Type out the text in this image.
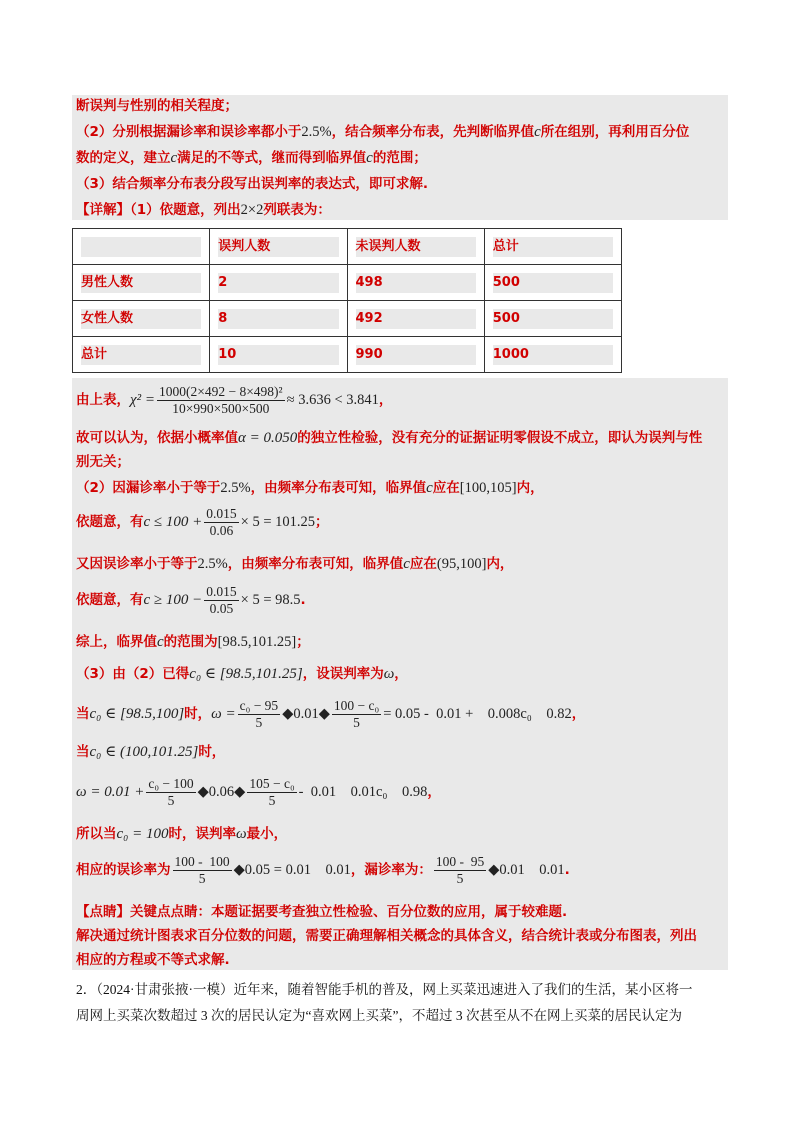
断误判与性别的相关程度；
（2）分别根据漏诊率和误诊率都小于2.5%，结合频率分布表，先判断临界值c所在组别，再利用百分位
数的定义，建立c满足的不等式，继而得到临界值c的范围；
（3）结合频率分布表分段写出误判率的表达式，即可求解.
【详解】（1）依题意，列出2×2列联表为：

	误判人数	未误判人数	总计

男性人数	2	498	500

女性人数	8	492	500

总计	10	990	1000
由上表，$\chi^2 = \frac{\text{1000(2×492 − 8×498)²}}{10\times 990\times 500\times 500} \approx 3.636 < 3.841$，
故可以认为，依据小概率值α = 0.050的独立性检验，没有充分的证据证明零假设不成立，即认为误判与性
别无关；
（2）因漏诊率小于等于2.5%，由频率分布表可知，临界值c应在[100,105]内，
依题意，有$c \le 100 + \frac{0.015}{0.06} \times 5 = 101.25$；
又因误诊率小于等于2.5%，由频率分布表可知，临界值c应在(95,100]内，
依题意，有$c \ge 100 - \frac{0.015}{0.05} \times 5 = 98.5$.
综上，临界值c的范围为[98.5,101.25]；
（3）由（2）已得c₀ ∈ [98.5,101.25]，设误判率为ω，
当c₀ ∈ [98.5,100]时，$\omega = \frac{\text{c₀ − 95}}{5}$ ◆0.01◆ $\frac{\text{100 − c₀}}{5} = 0.05 - 0.01$ +    0.008c₀    0.82，
当c₀ ∈ (100,101.25]时，
$\omega = 0.01 + \frac{\text{c₀ − 100}}{5}$ ◆0.06◆ $\frac{\text{105 − c₀}}{5} - 0.01$    0.01c₀    0.98，
所以当c₀ = 100时，误判率ω最小，
相应的误诊率为 $\frac{100 - 100}{5}$ ◆0.05 = 0.01    0.01，漏诊率为： $\frac{100 - 95}{5}$ ◆0.01    0.01.
【点睛】关键点点睛：本题证据要考查独立性检验、百分位数的应用，属于较难题.
解决通过统计图表求百分位数的问题，需要正确理解相关概念的具体含义，结合统计表或分布图表，列出
相应的方程或不等式求解.
2．（2024·甘肃张掖·一模）近年来，随着智能手机的普及，网上买菜迅速进入了我们的生活，某小区将一
周网上买菜次数超过 3 次的居民认定为“喜欢网上买菜”，不超过 3 次甚至从不在网上买菜的居民认定为
